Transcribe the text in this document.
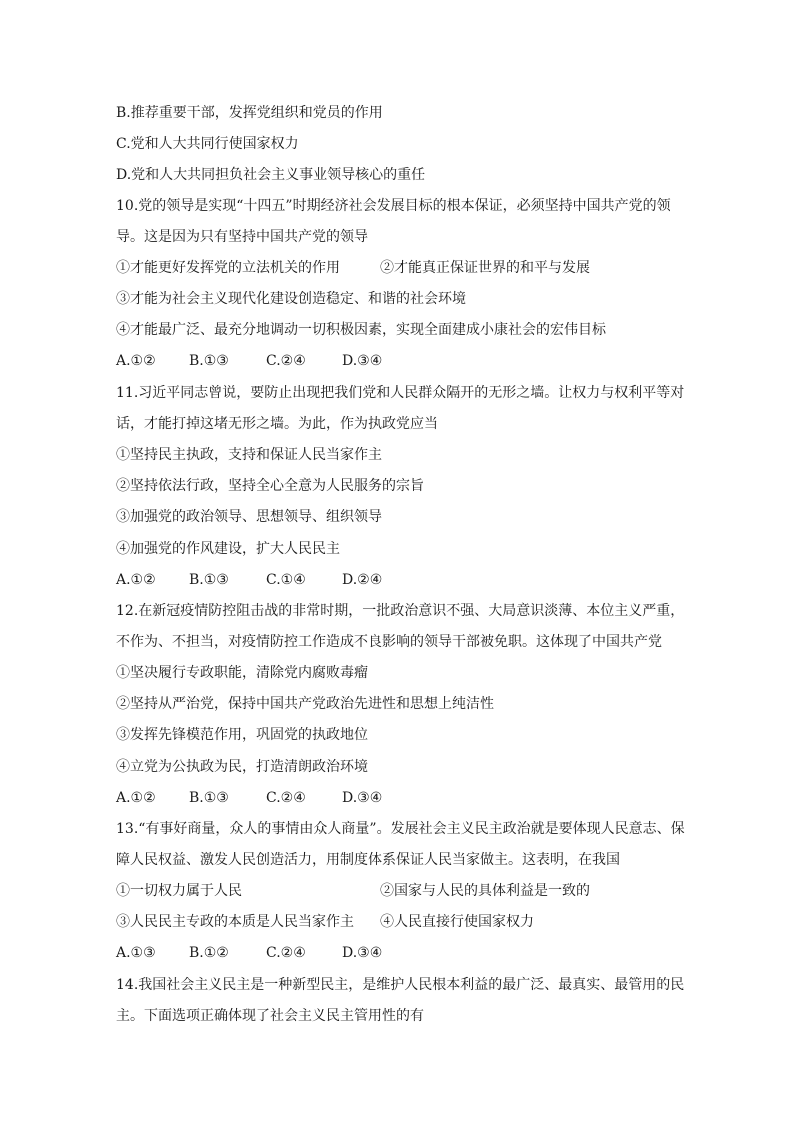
B.推荐重要干部，发挥党组织和党员的作用
C.党和人大共同行使国家权力
D.党和人大共同担负社会主义事业领导核心的重任
10.党的领导是实现“十四五”时期经济社会发展目标的根本保证，必须坚持中国共产党的领
导。这是因为只有坚持中国共产党的领导
①才能更好发挥党的立法机关的作用	②才能真正保证世界的和平与发展
③才能为社会主义现代化建设创造稳定、和谐的社会环境
④才能最广泛、最充分地调动一切积极因素，实现全面建成小康社会的宏伟目标
A.①②	B.①③	C.②④	D.③④
11.习近平同志曾说，要防止出现把我们党和人民群众隔开的无形之墙。让权力与权利平等对
话，才能打掉这堵无形之墙。为此，作为执政党应当
①坚持民主执政，支持和保证人民当家作主
②坚持依法行政，坚持全心全意为人民服务的宗旨
③加强党的政治领导、思想领导、组织领导
④加强党的作风建设，扩大人民民主
A.①②	B.①③	C.①④	D.②④
12.在新冠疫情防控阻击战的非常时期，一批政治意识不强、大局意识淡薄、本位主义严重，
不作为、不担当，对疫情防控工作造成不良影响的领导干部被免职。这体现了中国共产党
①坚决履行专政职能，清除党内腐败毒瘤
②坚持从严治党，保持中国共产党政治先进性和思想上纯洁性
③发挥先锋模范作用，巩固党的执政地位
④立党为公执政为民，打造清朗政治环境
A.①②	B.①③	C.②④	D.③④
13.“有事好商量，众人的事情由众人商量”。发展社会主义民主政治就是要体现人民意志、保
障人民权益、激发人民创造活力，用制度体系保证人民当家做主。这表明，在我国
①一切权力属于人民	②国家与人民的具体利益是一致的
③人民民主专政的本质是人民当家作主	④人民直接行使国家权力
A.①③	B.①②	C.②④	D.③④
14.我国社会主义民主是一种新型民主，是维护人民根本利益的最广泛、最真实、最管用的民
主。下面选项正确体现了社会主义民主管用性的有
